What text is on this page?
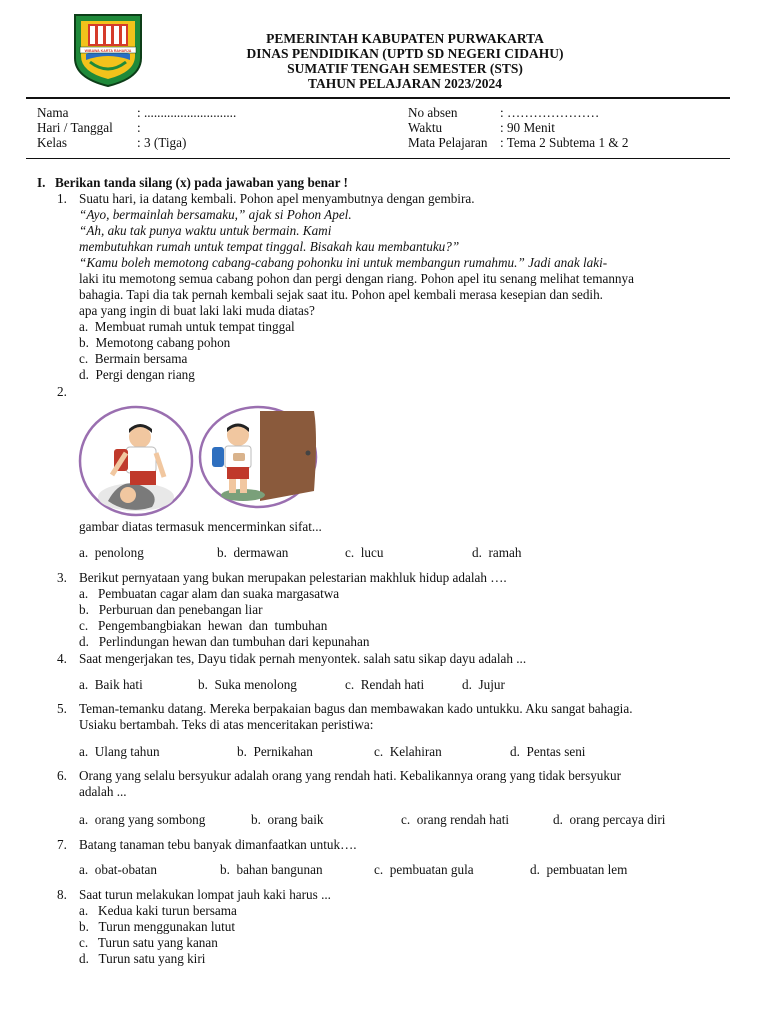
WIBAWA KARTA RAHARJA
PEMERINTAH KABUPATEN PURWAKARTA
DINAS PENDIDIKAN (UPTD SD NEGERI CIDAHU)
SUMATIF TENGAH SEMESTER (STS)
TAHUN PELAJARAN 2023/2024
Nama	: ............................
Hari / Tanggal :
Kelas	: 3 (Tiga)
No absen	: …………………
Waktu	: 90 Menit
Mata Pelajaran : Tema 2 Subtema 1 & 2
I. Berikan tanda silang (x) pada jawaban yang benar !
1. Suatu hari, ia datang kembali. Pohon apel menyambutnya dengan gembira.
“Ayo, bermainlah bersamaku,” ajak si Pohon Apel.
“Ah, aku tak punya waktu untuk bermain. Kami
membutuhkan rumah untuk tempat tinggal. Bisakah kau membantuku?”
“Kamu boleh memotong cabang-cabang pohonku ini untuk membangun rumahmu.” Jadi anak laki-
laki itu memotong semua cabang pohon dan pergi dengan riang. Pohon apel itu senang melihat temannya
bahagia. Tapi dia tak pernah kembali sejak saat itu. Pohon apel kembali merasa kesepian dan sedih.
apa yang ingin di buat laki laki muda diatas?
a. Membuat rumah untuk tempat tinggal
b. Memotong cabang pohon
c. Bermain bersama
d. Pergi dengan riang
2.
gambar diatas termasuk mencerminkan sifat...
a. penolong	b. dermawan	c. lucu	d. ramah
3. Berikut pernyataan yang bukan merupakan pelestarian makhluk hidup adalah ….
a. Pembuatan cagar alam dan suaka margasatwa
b. Perburuan dan penebangan liar
c. Pengembangbiakan  hewan  dan  tumbuhan
d. Perlindungan hewan dan tumbuhan dari kepunahan
4. Saat mengerjakan tes, Dayu tidak pernah menyontek. salah satu sikap dayu adalah ...
a. Baik hati	b. Suka menolong	c. Rendah hati	d. Jujur
5. Teman-temanku datang. Mereka berpakaian bagus dan membawakan kado untukku. Aku sangat bahagia.
Usiaku bertambah. Teks di atas menceritakan peristiwa:
a. Ulang tahun	b. Pernikahan	c. Kelahiran	d. Pentas seni
6. Orang yang selalu bersyukur adalah orang yang rendah hati. Kebalikannya orang yang tidak bersyukur
adalah ...
a. orang yang sombong	b. orang baik	c. orang rendah hati	d. orang percaya diri
7. Batang tanaman tebu banyak dimanfaatkan untuk….
a. obat-obatan	b. bahan bangunan	c. pembuatan gula	d. pembuatan lem
8. Saat turun melakukan lompat jauh kaki harus ...
a. Kedua kaki turun bersama
b. Turun menggunakan lutut
c. Turun satu yang kanan
d. Turun satu yang kiri
